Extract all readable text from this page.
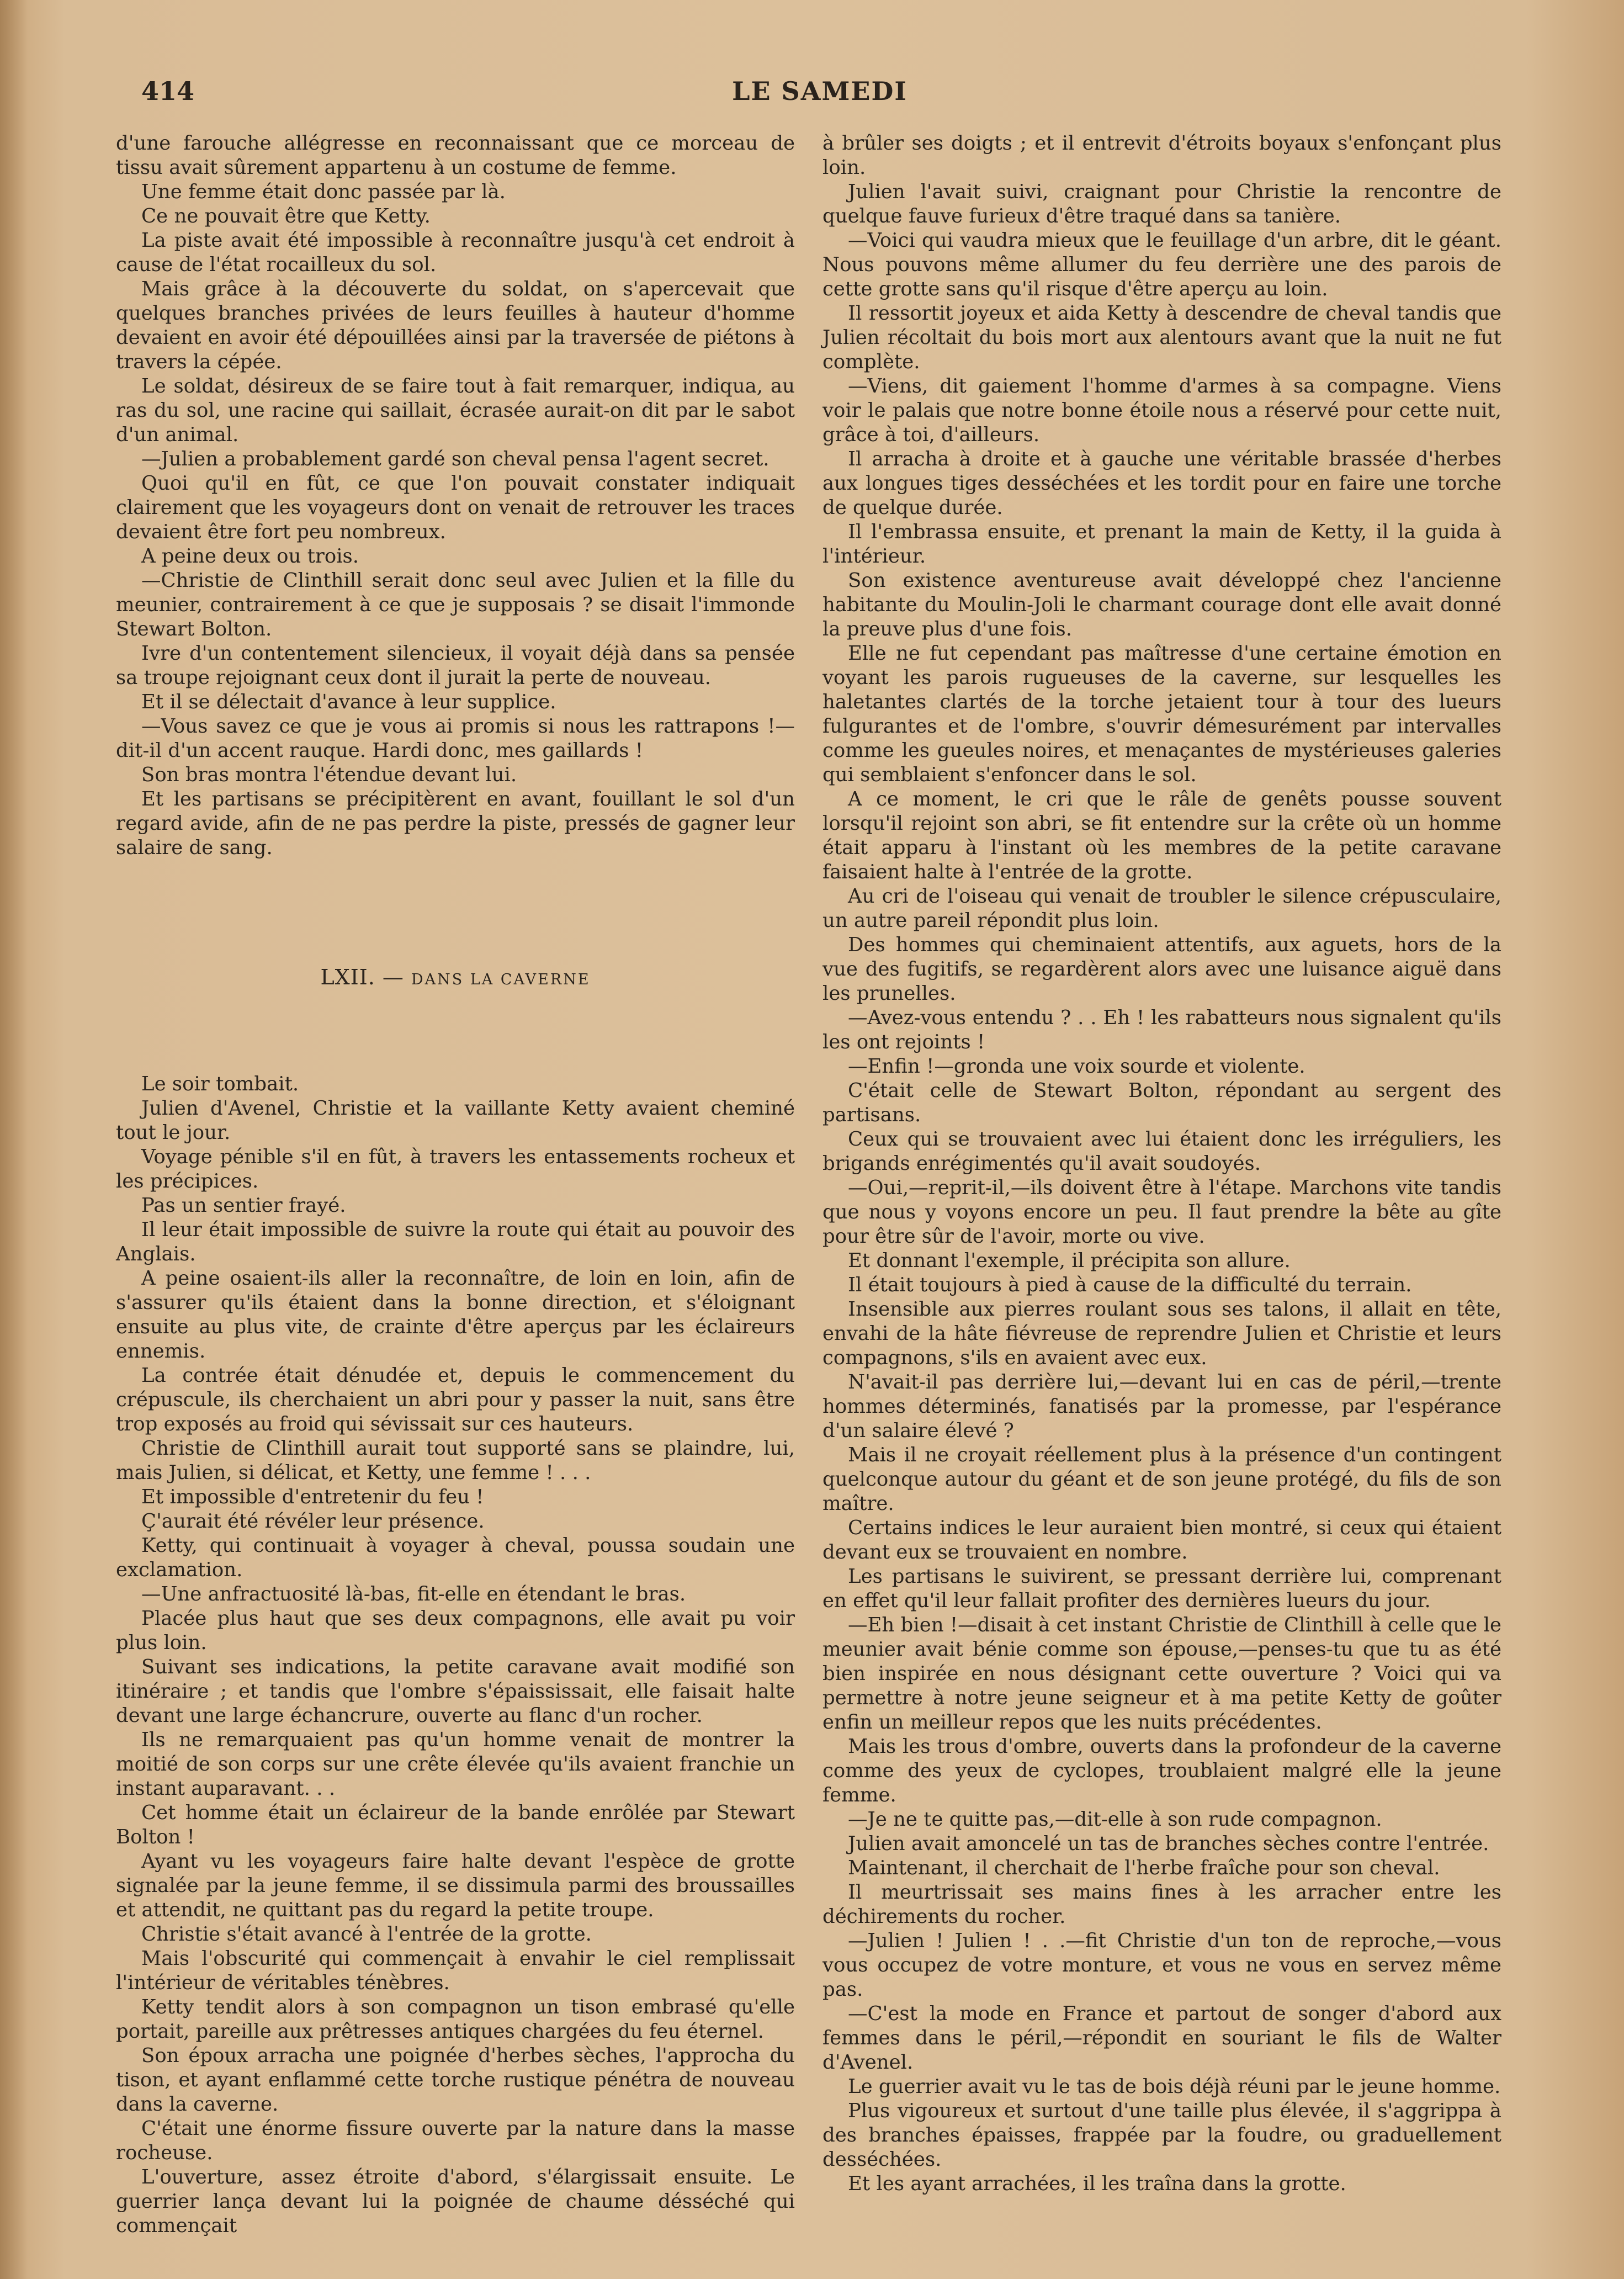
414	LE SAMEDI

d'une farouche allégresse en reconnaissant que ce morceau de tissu avait sûrement appartenu à un costume de femme.

Une femme était donc passée par là.

Ce ne pouvait être que Ketty.

La piste avait été impossible à reconnaître jusqu'à cet endroit à cause de l'état rocailleux du sol.

Mais grâce à la découverte du soldat, on s'apercevait que quelques branches privées de leurs feuilles à hauteur d'homme devaient en avoir été dépouillées ainsi par la traversée de piétons à travers la cépée.

Le soldat, désireux de se faire tout à fait remarquer, indiqua, au ras du sol, une racine qui saillait, écrasée aurait-on dit par le sabot d'un animal.

—Julien a probablement gardé son cheval pensa l'agent secret.

Quoi qu'il en fût, ce que l'on pouvait constater indiquait clairement que les voyageurs dont on venait de retrouver les traces devaient être fort peu nombreux.

A peine deux ou trois.

—Christie de Clinthill serait donc seul avec Julien et la fille du meunier, contrairement à ce que je supposais ? se disait l'immonde Stewart Bolton.

Ivre d'un contentement silencieux, il voyait déjà dans sa pensée sa troupe rejoignant ceux dont il jurait la perte de nouveau.

Et il se délectait d'avance à leur supplice.

—Vous savez ce que je vous ai promis si nous les rattrapons !—dit-il d'un accent rauque. Hardi donc, mes gaillards !

Son bras montra l'étendue devant lui.

Et les partisans se précipitèrent en avant, fouillant le sol d'un regard avide, afin de ne pas perdre la piste, pressés de gagner leur salaire de sang.

LXII. — DANS LA CAVERNE

Le soir tombait.

Julien d'Avenel, Christie et la vaillante Ketty avaient cheminé tout le jour.

Voyage pénible s'il en fût, à travers les entassements rocheux et les précipices.

Pas un sentier frayé.

Il leur était impossible de suivre la route qui était au pouvoir des Anglais.

A peine osaient-ils aller la reconnaître, de loin en loin, afin de s'assurer qu'ils étaient dans la bonne direction, et s'éloignant ensuite au plus vite, de crainte d'être aperçus par les éclaireurs ennemis.

La contrée était dénudée et, depuis le commencement du crépuscule, ils cherchaient un abri pour y passer la nuit, sans être trop exposés au froid qui sévissait sur ces hauteurs.

Christie de Clinthill aurait tout supporté sans se plaindre, lui, mais Julien, si délicat, et Ketty, une femme ! . . .

Et impossible d'entretenir du feu !

Ç'aurait été révéler leur présence.

Ketty, qui continuait à voyager à cheval, poussa soudain une exclamation.

—Une anfractuosité là-bas, fit-elle en étendant le bras.

Placée plus haut que ses deux compagnons, elle avait pu voir plus loin.

Suivant ses indications, la petite caravane avait modifié son itinéraire ; et tandis que l'ombre s'épaississait, elle faisait halte devant une large échancrure, ouverte au flanc d'un rocher.

Ils ne remarquaient pas qu'un homme venait de montrer la moitié de son corps sur une crête élevée qu'ils avaient franchie un instant auparavant. . .

Cet homme était un éclaireur de la bande enrôlée par Stewart Bolton !

Ayant vu les voyageurs faire halte devant l'espèce de grotte signalée par la jeune femme, il se dissimula parmi des broussailles et attendit, ne quittant pas du regard la petite troupe.

Christie s'était avancé à l'entrée de la grotte.

Mais l'obscurité qui commençait à envahir le ciel remplissait l'intérieur de véritables ténèbres.

Ketty tendit alors à son compagnon un tison embrasé qu'elle portait, pareille aux prêtresses antiques chargées du feu éternel.

Son époux arracha une poignée d'herbes sèches, l'approcha du tison, et ayant enflammé cette torche rustique pénétra de nouveau dans la caverne.

C'était une énorme fissure ouverte par la nature dans la masse rocheuse.

L'ouverture, assez étroite d'abord, s'élargissait ensuite. Le guerrier lança devant lui la poignée de chaume désséché qui commençait

à brûler ses doigts ; et il entrevit d'étroits boyaux s'enfonçant plus loin.

Julien l'avait suivi, craignant pour Christie la rencontre de quelque fauve furieux d'être traqué dans sa tanière.

—Voici qui vaudra mieux que le feuillage d'un arbre, dit le géant. Nous pouvons même allumer du feu derrière une des parois de cette grotte sans qu'il risque d'être aperçu au loin.

Il ressortit joyeux et aida Ketty à descendre de cheval tandis que Julien récoltait du bois mort aux alentours avant que la nuit ne fut complète.

—Viens, dit gaiement l'homme d'armes à sa compagne. Viens voir le palais que notre bonne étoile nous a réservé pour cette nuit, grâce à toi, d'ailleurs.

Il arracha à droite et à gauche une véritable brassée d'herbes aux longues tiges desséchées et les tordit pour en faire une torche de quelque durée.

Il l'embrassa ensuite, et prenant la main de Ketty, il la guida à l'intérieur.

Son existence aventureuse avait développé chez l'ancienne habitante du Moulin-Joli le charmant courage dont elle avait donné la preuve plus d'une fois.

Elle ne fut cependant pas maîtresse d'une certaine émotion en voyant les parois rugueuses de la caverne, sur lesquelles les haletantes clartés de la torche jetaient tour à tour des lueurs fulgurantes et de l'ombre, s'ouvrir démesurément par intervalles comme les gueules noires, et menaçantes de mystérieuses galeries qui semblaient s'enfoncer dans le sol.

A ce moment, le cri que le râle de genêts pousse souvent lorsqu'il rejoint son abri, se fit entendre sur la crête où un homme était apparu à l'instant où les membres de la petite caravane faisaient halte à l'entrée de la grotte.

Au cri de l'oiseau qui venait de troubler le silence crépusculaire, un autre pareil répondit plus loin.

Des hommes qui cheminaient attentifs, aux aguets, hors de la vue des fugitifs, se regardèrent alors avec une luisance aiguë dans les prunelles.

—Avez-vous entendu ? . . Eh ! les rabatteurs nous signalent qu'ils les ont rejoints !

—Enfin !—gronda une voix sourde et violente.

C'était celle de Stewart Bolton, répondant au sergent des partisans.

Ceux qui se trouvaient avec lui étaient donc les irréguliers, les brigands enrégimentés qu'il avait soudoyés.

—Oui,—reprit-il,—ils doivent être à l'étape. Marchons vite tandis que nous y voyons encore un peu. Il faut prendre la bête au gîte pour être sûr de l'avoir, morte ou vive.

Et donnant l'exemple, il précipita son allure.

Il était toujours à pied à cause de la difficulté du terrain.

Insensible aux pierres roulant sous ses talons, il allait en tête, envahi de la hâte fiévreuse de reprendre Julien et Christie et leurs compagnons, s'ils en avaient avec eux.

N'avait-il pas derrière lui,—devant lui en cas de péril,—trente hommes déterminés, fanatisés par la promesse, par l'espérance d'un salaire élevé ?

Mais il ne croyait réellement plus à la présence d'un contingent quelconque autour du géant et de son jeune protégé, du fils de son maître.

Certains indices le leur auraient bien montré, si ceux qui étaient devant eux se trouvaient en nombre.

Les partisans le suivirent, se pressant derrière lui, comprenant en effet qu'il leur fallait profiter des dernières lueurs du jour.

—Eh bien !—disait à cet instant Christie de Clinthill à celle que le meunier avait bénie comme son épouse,—penses-tu que tu as été bien inspirée en nous désignant cette ouverture ? Voici qui va permettre à notre jeune seigneur et à ma petite Ketty de goûter enfin un meilleur repos que les nuits précédentes.

Mais les trous d'ombre, ouverts dans la profondeur de la caverne comme des yeux de cyclopes, troublaient malgré elle la jeune femme.

—Je ne te quitte pas,—dit-elle à son rude compagnon.

Julien avait amoncelé un tas de branches sèches contre l'entrée.

Maintenant, il cherchait de l'herbe fraîche pour son cheval.

Il meurtrissait ses mains fines à les arracher entre les déchirements du rocher.

—Julien ! Julien ! . .—fit Christie d'un ton de reproche,—vous vous occupez de votre monture, et vous ne vous en servez même pas.

—C'est la mode en France et partout de songer d'abord aux femmes dans le péril,—répondit en souriant le fils de Walter d'Avenel.

Le guerrier avait vu le tas de bois déjà réuni par le jeune homme.

Plus vigoureux et surtout d'une taille plus élevée, il s'aggrippa à des branches épaisses, frappée par la foudre, ou graduellement desséchées.

Et les ayant arrachées, il les traîna dans la grotte.
